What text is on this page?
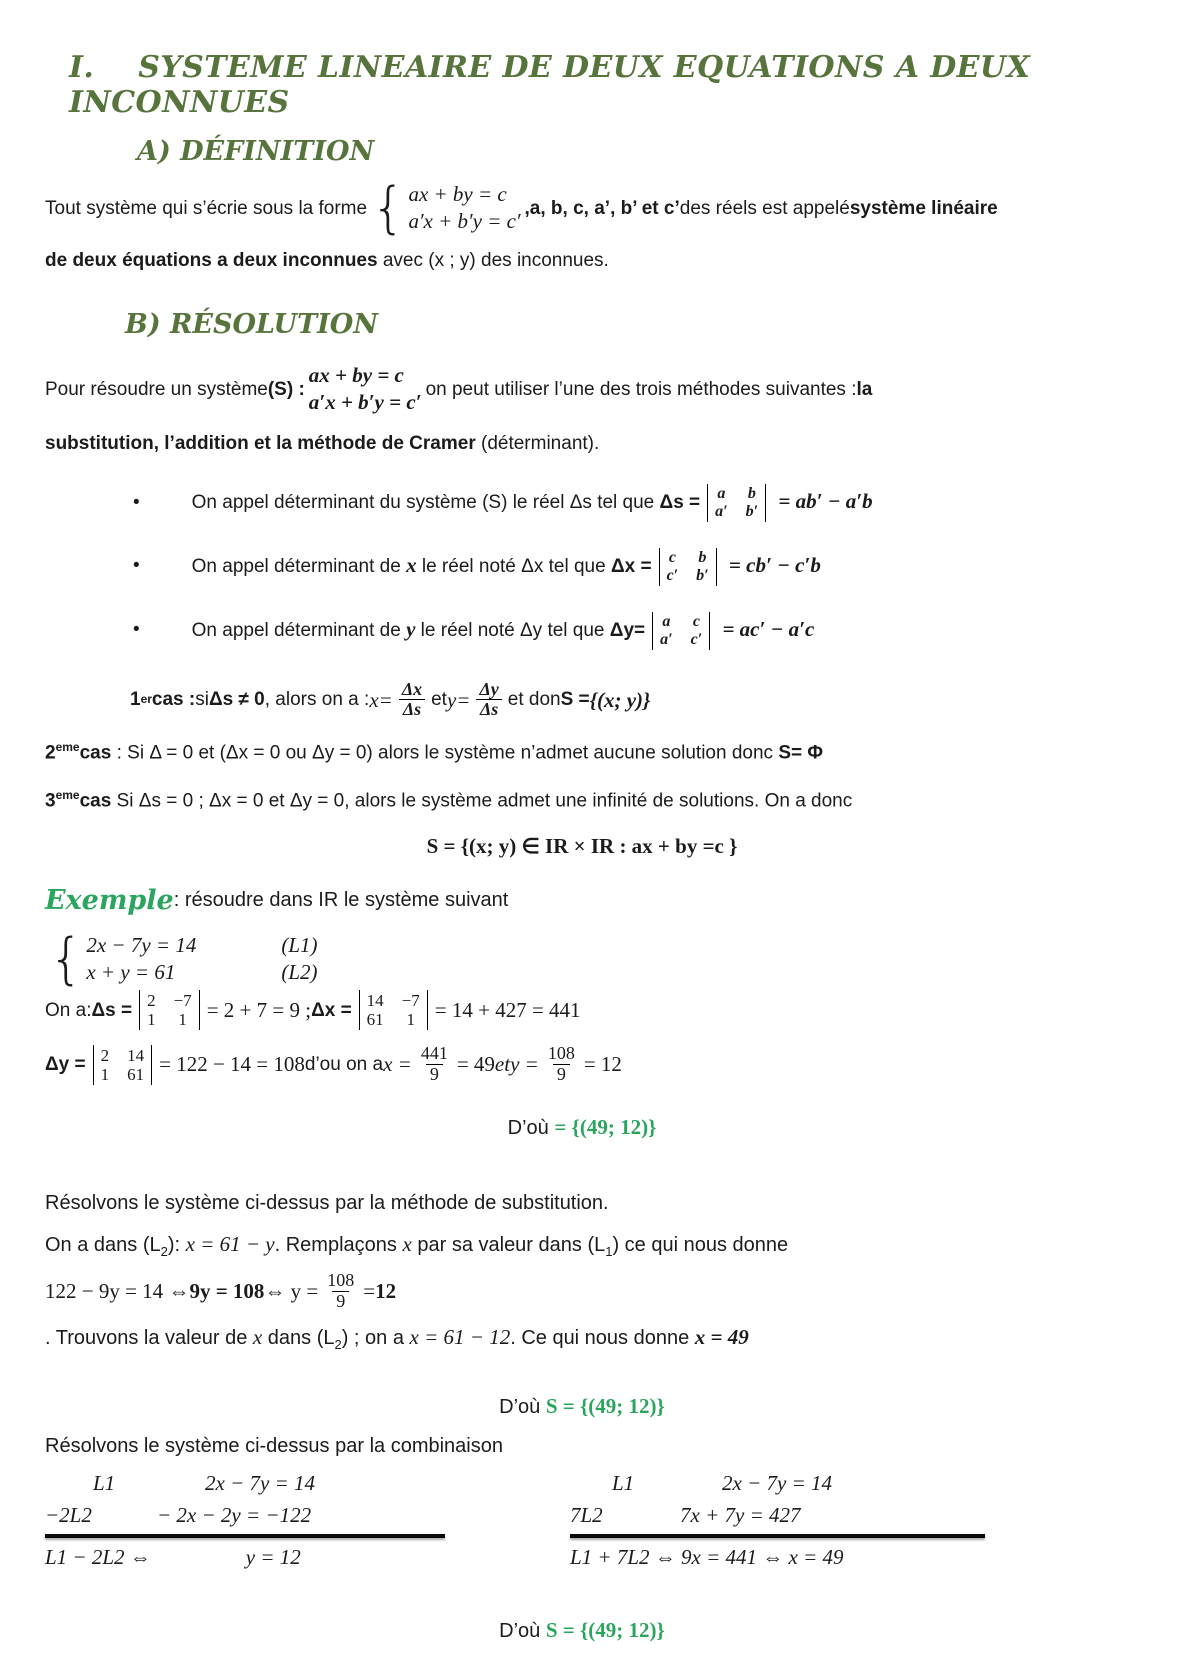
I. SYSTEME LINEAIRE DE DEUX EQUATIONS A DEUX INCONNUES
A) DÉFINITION
Tout système qui s’écrie sous la forme { ax + by = c
a′x + b′y = c′
,a, b, c, a’, b’ et c’ des réels est appelé système linéaire
de deux équations a deux inconnues avec (x ; y) des inconnues.
B) RÉSOLUTION
Pour résoudre un système (S) :
ax + by = c
a′x + b′y = c′
on peut utiliser l’une des trois méthodes suivantes : la
substitution, l’addition et la méthode de Cramer (déterminant).
•	On appel déterminant du système (S) le réel Δs tel que Δs = a b
a′ b′ = ab′ − a′b
•	On appel déterminant de x le réel noté Δx tel que Δx = c b
c′ b′ = cb′ − c′b
•	On appel déterminant de y le réel noté Δy tel que Δy= a c
a′ c′ = ac′ − a′c
1 er cas : si Δs ≠ 0 , alors on a : $x = \frac{\Delta x}{\Delta s}$ et $y = \frac{\Delta y}{\Delta s}$ et don S = {(x; y)}
2emecas : Si Δ = 0 et (Δx = 0 ou Δy = 0) alors le système n’admet aucune solution donc S= Φ
3emecas Si Δs = 0 ; Δx = 0 et Δy = 0, alors le système admet une infinité de solutions. On a donc
S = {(x; y) ∈ IR × IR : ax + by =c }
Exemple : résoudre dans IR le système suivant
{ 2x − 7y = 14	(L1)
x + y = 61	(L2)
On a: Δs = 2 −7
1 1 = 2 + 7 = 9 ; Δx = 14 −7
61 1 = 14 + 427 = 441
Δy = 2 14
1 61 = 122 − 14 = 108 d’ou on a $x = \frac{441}{9} = 49$ et $y = \frac{108}{9} = 12$
D’où = {(49; 12)}

Résolvons le système ci-dessus par la méthode de substitution.

On a dans $(L_2)$: x = 61 − y. Remplaçons x par sa valeur dans $(L_1)$ ce qui nous donne

122 − 9y = 14 ⇔ 9y = 108 ⇔ $y = \frac{108}{9} = 12$

. Trouvons la valeur de x dans $(L_2)$ ; on a x = 61 − 12. Ce qui nous donne x = 49

D’où S = {(49; 12)}
Résolvons le système ci-dessus par la combinaison
L1	2x − 7y = 14
−2L2	− 2x − 2y = −122
L1 − 2L2 ⇔	y = 12
L1	2x − 7y = 14
7L2	7x + 7y = 427
L1 + 7L2 ⇔ 9x = 441 ⇔ x = 49
D’où S = {(49; 12)}
